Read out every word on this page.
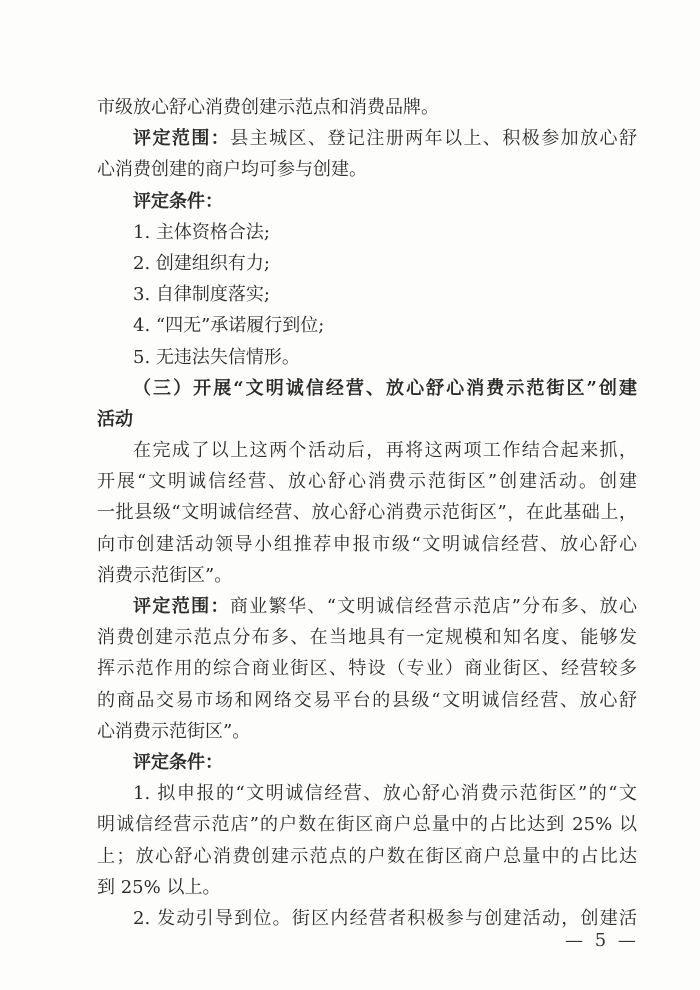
市级放心舒心消费创建示范点和消费品牌。
评定范围：县主城区、登记注册两年以上、积极参加放心舒
心消费创建的商户均可参与创建。
评定条件：
1. 主体资格合法;
2. 创建组织有力;
3. 自律制度落实;
4. “四无”承诺履行到位;
5. 无违法失信情形。
（三）开展“文明诚信经营、放心舒心消费示范街区”创建
活动
在完成了以上这两个活动后，再将这两项工作结合起来抓，
开展“文明诚信经营、放心舒心消费示范街区”创建活动。创建
一批县级“文明诚信经营、放心舒心消费示范街区”，在此基础上，
向市创建活动领导小组推荐申报市级“文明诚信经营、放心舒心
消费示范街区”。
评定范围：商业繁华、“文明诚信经营示范店”分布多、放心
消费创建示范点分布多、在当地具有一定规模和知名度、能够发
挥示范作用的综合商业街区、特设（专业）商业街区、经营较多
的商品交易市场和网络交易平台的县级“文明诚信经营、放心舒
心消费示范街区”。
评定条件：
1. 拟申报的“文明诚信经营、放心舒心消费示范街区”的“文
明诚信经营示范店”的户数在街区商户总量中的占比达到 25% 以
上；放心舒心消费创建示范点的户数在街区商户总量中的占比达
到 25% 以上。
2. 发动引导到位。街区内经营者积极参与创建活动，创建活
— 5 —
